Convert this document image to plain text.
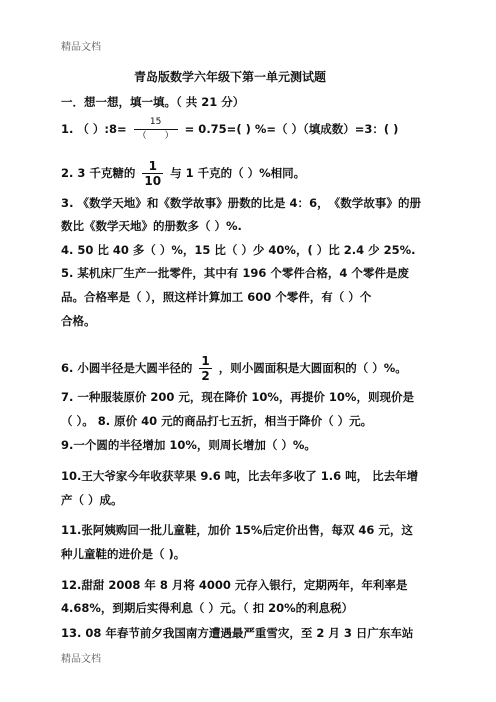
精品文档
青岛版数学六年级下第一单元测试题
一．想一想，填一填。（ 共 21 分）
1. （ ）:8= $\frac{15}{( )} = 0.75=$( ) %=（ ）（填成数）=3：( )
2. 3 千克糖的 $\frac{1}{10}$ 与 1 千克的（ ）%相同。
3 .
《 数 学 天 地 》 和 《 数 学 故 事 》 册 数 的 比 是
4 ： 6 ， 《 数 学 故 事 》 的 册
数比《数学天地》的册数多（ ）%.
4. 50 比 40 多（ ）%，15 比（ ）少 40%，( ）比 2.4 少 25%.
5. 某机床厂生产一批零件，其中有 196 个零件合格，4 个零件是废
品。合格率是（ ），照这样计算加工 600 个零件，有（ ）个
合格。
6. 小圆半径是大圆半径的 $\frac{1}{2}$ ，则小圆面积是大圆面积的（ ）%。
7. 一种服装原价 200 元，现在降价 10%，再提价 10%，则现价是
（ ）。 8. 原价 40 元的商品打七五折，相当于降价（ ）元。
9.一个圆的半径增加 10%，则周长增加（ ）%。
10.王大爷家今年收获苹果 9.6 吨，比去年多收了 1.6 吨， 比去年增
产（ ）成。
11.张阿姨购回一批儿童鞋，加价 15%后定价出售，每双 46 元，这
种儿童鞋的进价是（ )。
12.甜甜 2008 年 8 月将 4000 元存入银行，定期两年，年利率是
4.68%，到期后实得利息（ ）元。（ 扣 20%的利息税）
13. 08 年春节前夕我国南方遭遇最严重雪灾，至 2 月 3 日广东车站
精品文档
